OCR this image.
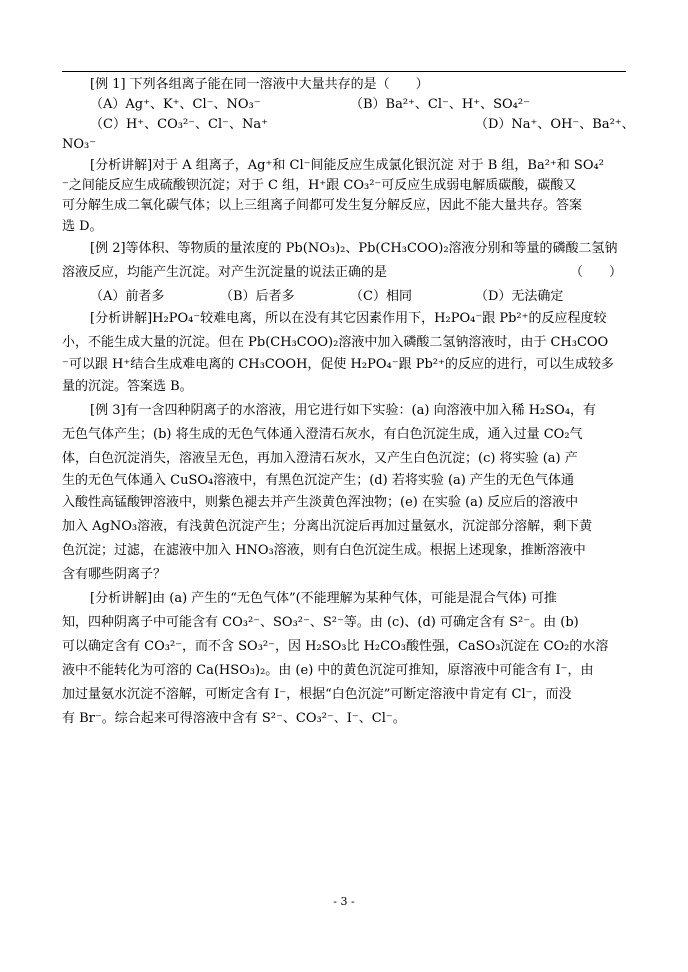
[例 1] 下列各组离子能在同一溶液中大量共存的是（　　）
（A）Ag⁺、K⁺、Cl⁻、NO₃⁻	（B）Ba²⁺、Cl⁻、H⁺、SO₄²⁻
（C）H⁺、CO₃²⁻、Cl⁻、Na⁺	（D）Na⁺、OH⁻、Ba²⁺、
NO₃⁻
[分析讲解]对于 A 组离子，Ag⁺和 Cl⁻间能反应生成氯化银沉淀 对于 B 组，Ba²⁺和 SO₄²
⁻之间能反应生成硫酸钡沉淀；对于 C 组，H⁺跟 CO₃²⁻可反应生成弱电解质碳酸，碳酸又
可分解生成二氧化碳气体；以上三组离子间都可发生复分解反应，因此不能大量共存。答案
选 D。
[例 2]等体积、等物质的量浓度的 Pb(NO₃)₂、Pb(CH₃COO)₂溶液分别和等量的磷酸二氢钠
溶液反应，均能产生沉淀。对产生沉淀量的说法正确的是	（　　）
（A）前者多	（B）后者多	（C）相同	（D）无法确定
[分析讲解]H₂PO₄⁻较难电离，所以在没有其它因素作用下，H₂PO₄⁻跟 Pb²⁺的反应程度较
小，不能生成大量的沉淀。但在 Pb(CH₃COO)₂溶液中加入磷酸二氢钠溶液时，由于 CH₃COO
⁻可以跟 H⁺结合生成难电离的 CH₃COOH，促使 H₂PO₄⁻跟 Pb²⁺的反应的进行，可以生成较多
量的沉淀。答案选 B。
[例 3]有一含四种阴离子的水溶液，用它进行如下实验：(a) 向溶液中加入稀 H₂SO₄，有
无色气体产生；(b) 将生成的无色气体通入澄清石灰水，有白色沉淀生成，通入过量 CO₂气
体，白色沉淀消失，溶液呈无色，再加入澄清石灰水，又产生白色沉淀；(c) 将实验 (a) 产
生的无色气体通入 CuSO₄溶液中，有黑色沉淀产生；(d) 若将实验 (a) 产生的无色气体通
入酸性高锰酸钾溶液中，则紫色褪去并产生淡黄色浑浊物；(e) 在实验 (a) 反应后的溶液中
加入 AgNO₃溶液，有浅黄色沉淀产生；分离出沉淀后再加过量氨水，沉淀部分溶解，剩下黄
色沉淀；过滤，在滤液中加入 HNO₃溶液，则有白色沉淀生成。根据上述现象，推断溶液中
含有哪些阴离子？
[分析讲解]由 (a) 产生的“无色气体”(不能理解为某种气体，可能是混合气体) 可推
知，四种阴离子中可能含有 CO₃²⁻、SO₃²⁻、S²⁻等。由 (c)、(d) 可确定含有 S²⁻。由 (b)
可以确定含有 CO₃²⁻，而不含 SO₃²⁻，因 H₂SO₃比 H₂CO₃酸性强，CaSO₃沉淀在 CO₂的水溶
液中不能转化为可溶的 Ca(HSO₃)₂。由 (e) 中的黄色沉淀可推知，原溶液中可能含有 I⁻，由
加过量氨水沉淀不溶解，可断定含有 I⁻，根据“白色沉淀”可断定溶液中肯定有 Cl⁻，而没
有 Br⁻。综合起来可得溶液中含有 S²⁻、CO₃²⁻、I⁻、Cl⁻。
- 3 -
